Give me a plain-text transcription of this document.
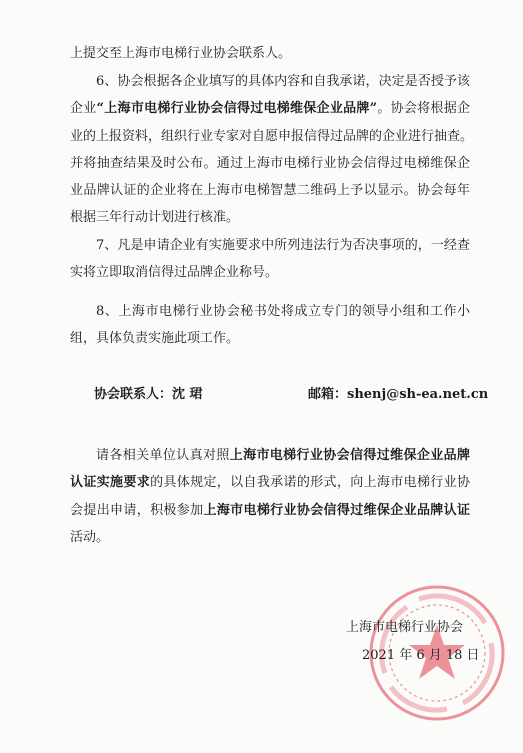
上提交至上海市电梯行业协会联系人。
6、协会根据各企业填写的具体内容和自我承诺，决定是否授予该
企业“上海市电梯行业协会信得过电梯维保企业品牌”。协会将根据企
业的上报资料，组织行业专家对自愿申报信得过品牌的企业进行抽查。
并将抽查结果及时公布。通过上海市电梯行业协会信得过电梯维保企
业品牌认证的企业将在上海市电梯智慧二维码上予以显示。协会每年
根据三年行动计划进行核准。
7、凡是申请企业有实施要求中所列违法行为否决事项的，一经查
实将立即取消信得过品牌企业称号。
8、上海市电梯行业协会秘书处将成立专门的领导小组和工作小
组，具体负责实施此项工作。
协会联系人：沈 珺	邮箱：shenj@sh-ea.net.cn
请各相关单位认真对照上海市电梯行业协会信得过维保企业品牌
认证实施要求的具体规定，以自我承诺的形式，向上海市电梯行业协
会提出申请，积极参加上海市电梯行业协会信得过维保企业品牌认证
活动。
上海市电梯行业协会
2021 年 6 月 18 日
